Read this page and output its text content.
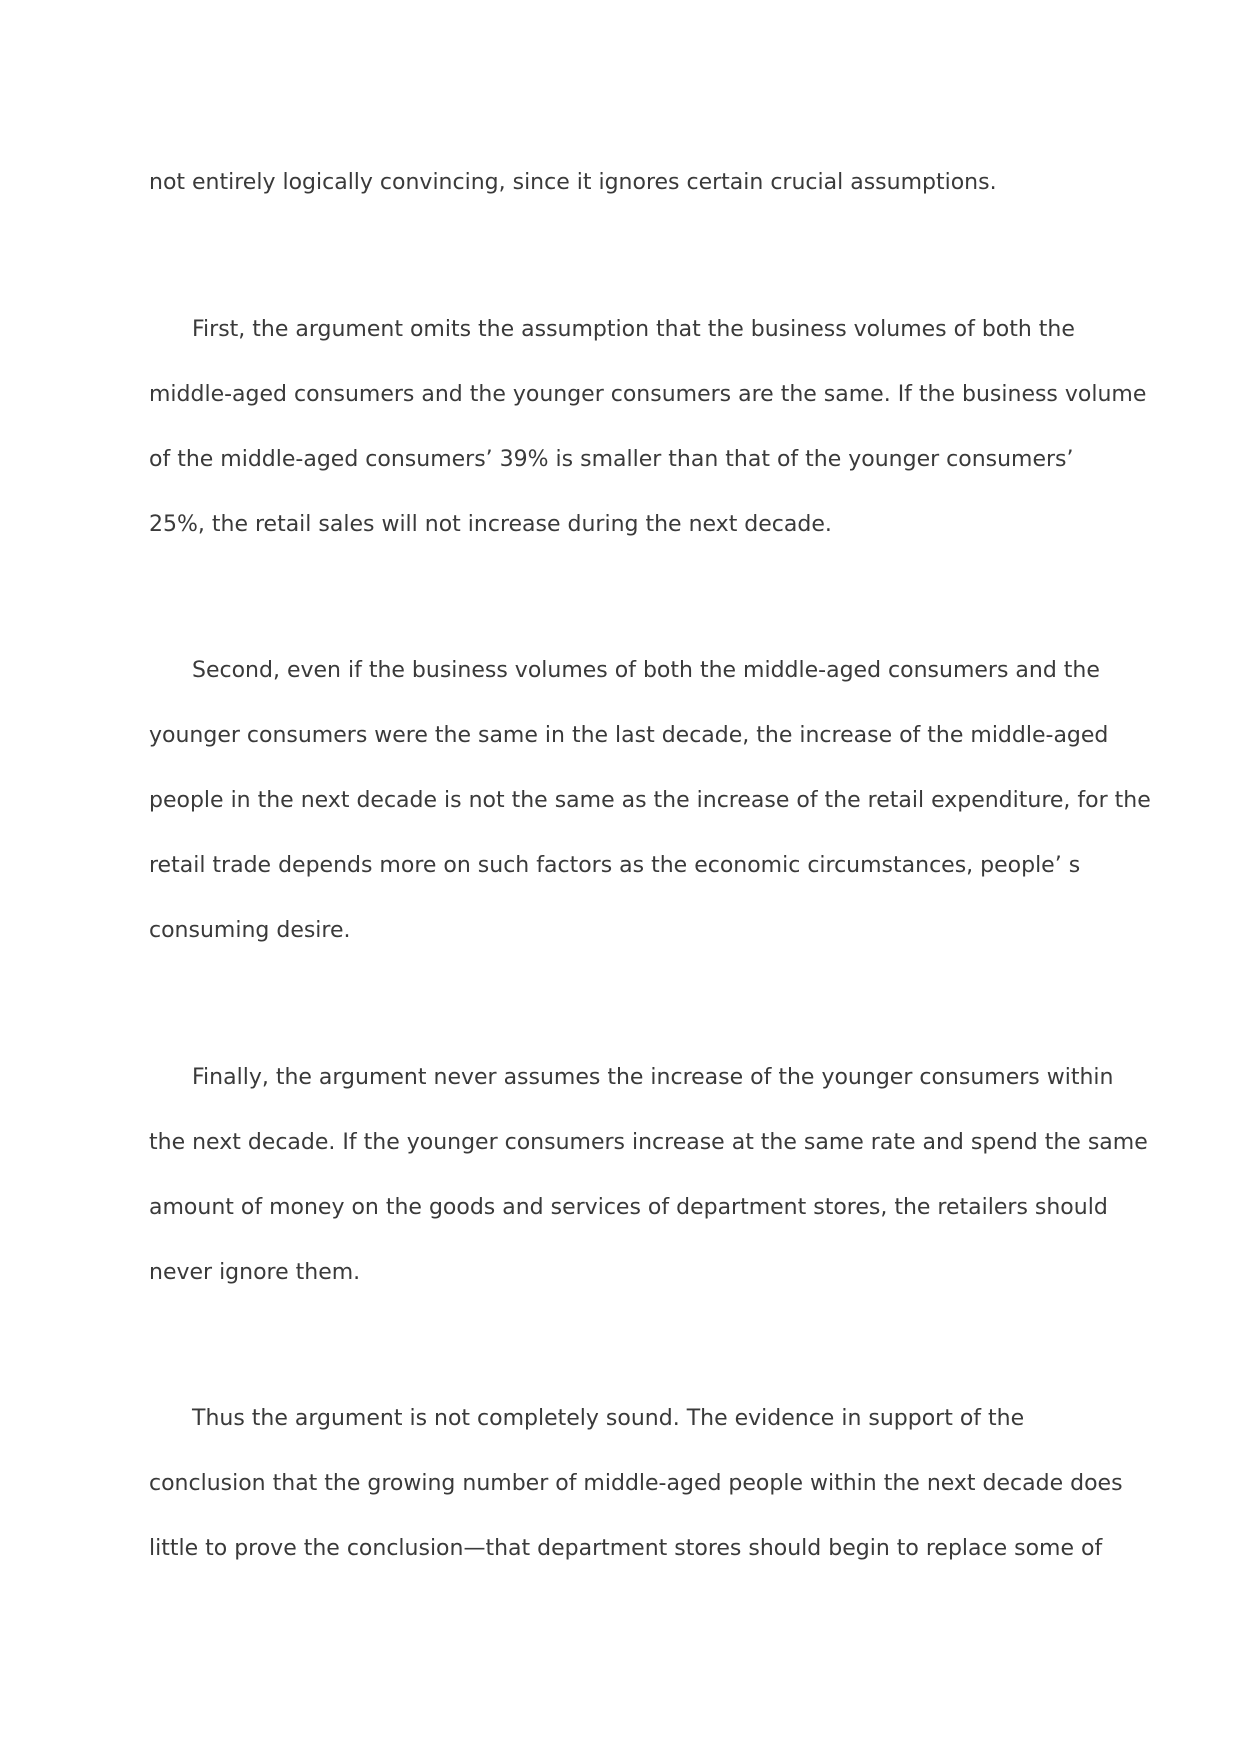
not entirely logically convincing, since it ignores certain crucial assumptions.
First, the argument omits the assumption that the business volumes of both the
middle-aged consumers and the younger consumers are the same. If the business volume
of the middle-aged consumers’ 39% is smaller than that of the younger consumers’
25%, the retail sales will not increase during the next decade.
Second, even if the business volumes of both the middle-aged consumers and the
younger consumers were the same in the last decade, the increase of the middle-aged
people in the next decade is not the same as the increase of the retail expenditure, for the
retail trade depends more on such factors as the economic circumstances, people’ s
consuming desire.
Finally, the argument never assumes the increase of the younger consumers within
the next decade. If the younger consumers increase at the same rate and spend the same
amount of money on the goods and services of department stores, the retailers should
never ignore them.
Thus the argument is not completely sound. The evidence in support of the
conclusion that the growing number of middle-aged people within the next decade does
little to prove the conclusion—that department stores should begin to replace some of
